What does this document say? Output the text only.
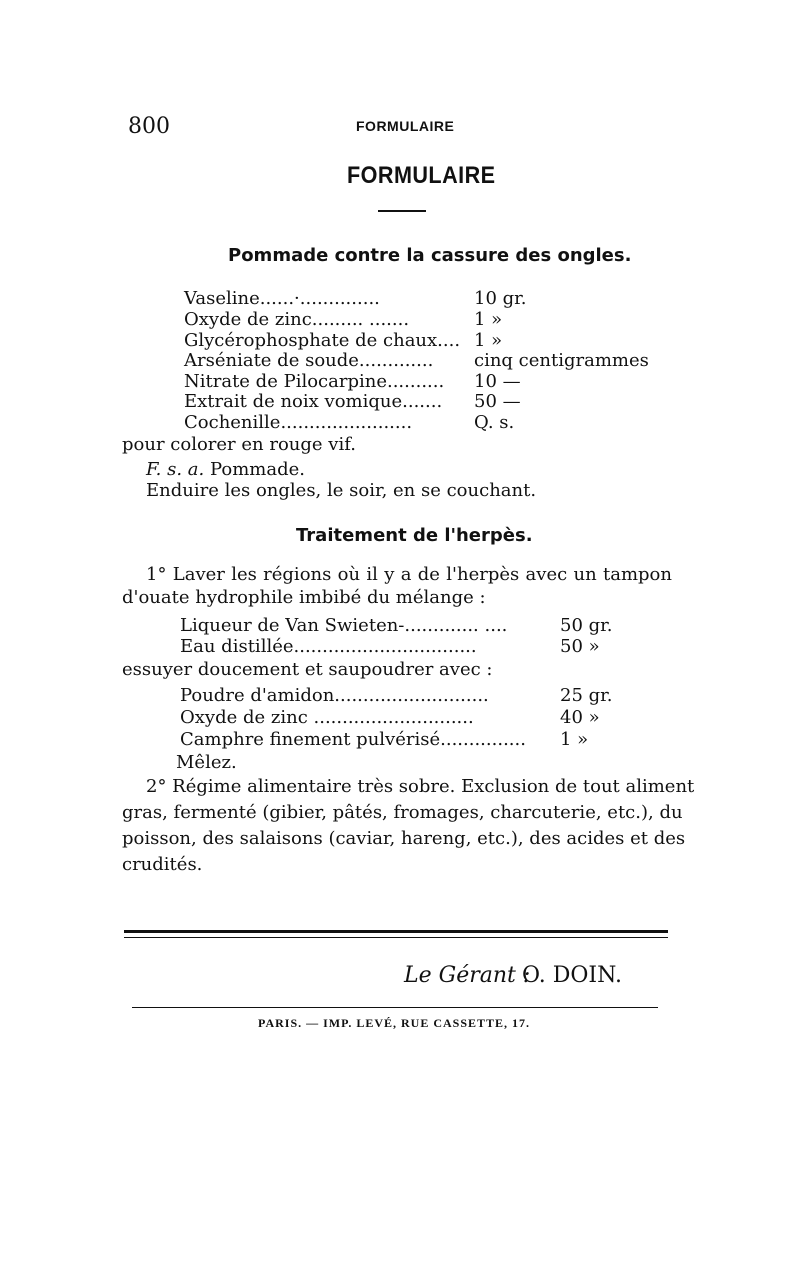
800	FORMULAIRE
FORMULAIRE
Pommade contre la cassure des ongles.
Vaseline......·..............	10 gr.
Oxyde de zinc......... .......	1 »
Glycérophosphate de chaux.... 1 »
Arséniate de soude............. cinq centigrammes
Nitrate de Pilocarpine.......... 10 —
Extrait de noix vomique....... 50 —
Cochenille.......................	Q. s.
pour colorer en rouge vif.
F. s. a. Pommade.
Enduire les ongles, le soir, en se couchant.
Traitement de l'herpès.
1° Laver les régions où il y a de l'herpès avec un tampon
d'ouate hydrophile imbibé du mélange :
Liqueur de Van Swieten-............. ....	50 gr.
Eau distillée................................	50 »
essuyer doucement et saupoudrer avec :
Poudre d'amidon...........................	25 gr.
Oxyde de zinc ............................	40 »
Camphre finement pulvérisé............... 1 »
Mêlez.
2° Régime alimentaire très sobre. Exclusion de tout aliment
gras, fermenté (gibier, pâtés, fromages, charcuterie, etc.), du
poisson, des salaisons (caviar, hareng, etc.), des acides et des
crudités.
Le Gérant :
O. DOIN.
PARIS. — IMP. LEVÉ, RUE CASSETTE, 17.
